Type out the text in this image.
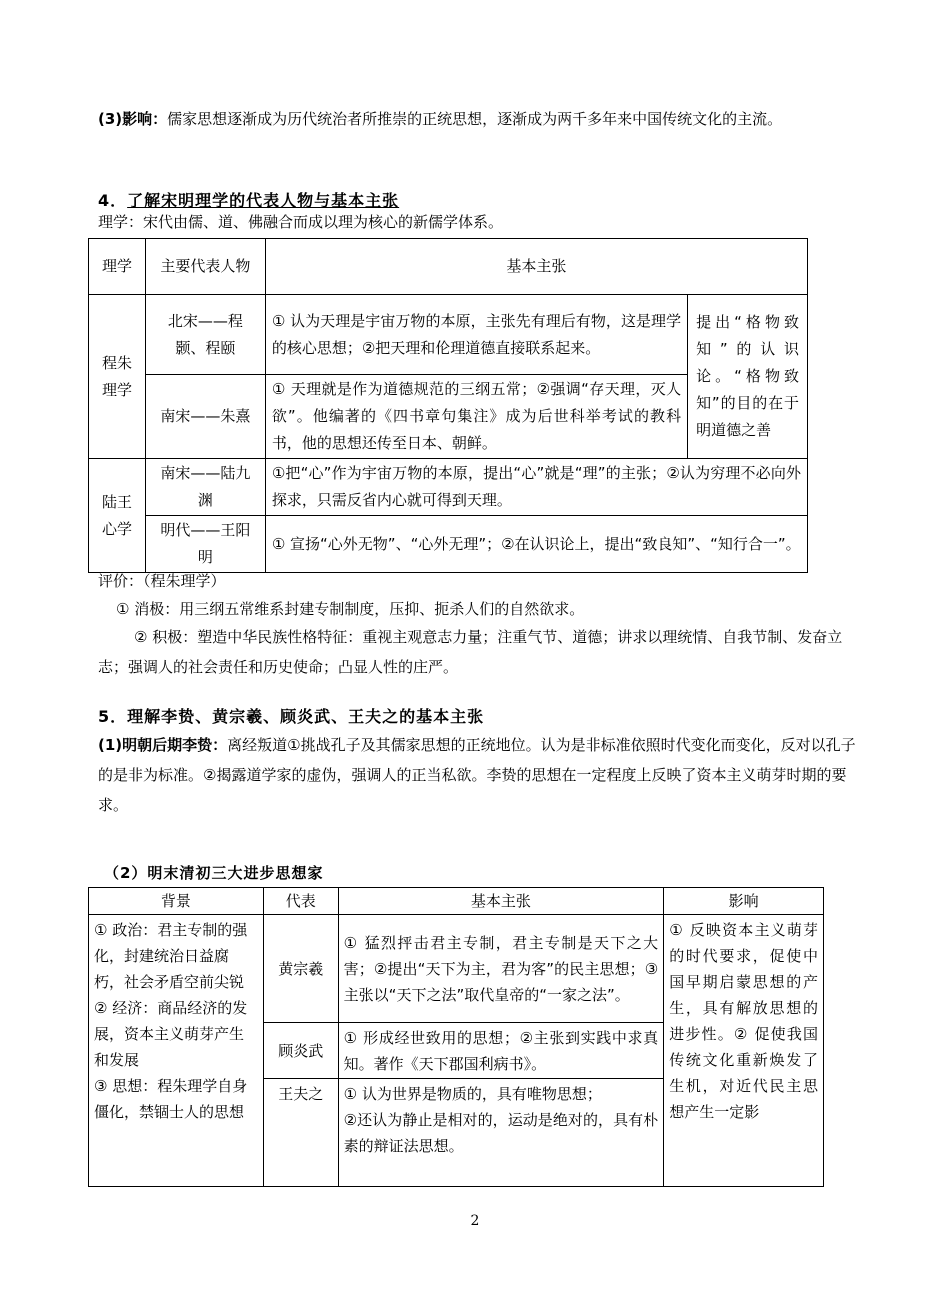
(3)影响：儒家思想逐渐成为历代统治者所推崇的正统思想，逐渐成为两千多年来中国传统文化的主流。
4．了解宋明理学的代表人物与基本主张
理学：宋代由儒、道、佛融合而成以理为核心的新儒学体系。
理学	主要代表人物	基本主张	
程朱理学	北宋——程颢、程颐	① 认为天理是宇宙万物的本原，主张先有理后有物，这是理学的核心思想；②把天理和伦理道德直接联系起来。	提出“格物致知”的认识论。“格物致知”的目的在于明道德之善
	南宋——朱熹	① 天理就是作为道德规范的三纲五常；②强调“存天理，灭人欲”。他编著的《四书章句集注》成为后世科举考试的教科书，他的思想还传至日本、朝鲜。	
陆王心学	南宋——陆九渊	①把“心”作为宇宙万物的本原，提出“心”就是“理”的主张；②认为穷理不必向外探求，只需反省内心就可得到天理。	
	明代——王阳明	① 宣扬“心外无物”、“心外无理”；②在认识论上，提出“致良知”、“知行合一”。	
评价：（程朱理学）
① 消极：用三纲五常维系封建专制制度，压抑、扼杀人们的自然欲求。
② 积极：塑造中华民族性格特征：重视主观意志力量；注重气节、道德；讲求以理统情、自我节制、发奋立志；强调人的社会责任和历史使命；凸显人性的庄严。
5．理解李贽、黄宗羲、顾炎武、王夫之的基本主张
(1)明朝后期李贽：离经叛道①挑战孔子及其儒家思想的正统地位。认为是非标准依照时代变化而变化，反对以孔子的是非为标准。②揭露道学家的虚伪，强调人的正当私欲。李贽的思想在一定程度上反映了资本主义萌芽时期的要求。
（2）明末清初三大进步思想家
背景	代表	基本主张	影响

① 政治：君主专制的强化，封建统治日益腐朽，社会矛盾空前尖锐
② 经济：商品经济的发展，资本主义萌芽产生和发展
③ 思想：程朱理学自身僵化，禁锢士人的思想	黄宗羲	① 猛烈抨击君主专制，君主专制是天下之大害；②提出“天下为主，君为客”的民主思想；③主张以“天下之法”取代皇帝的“一家之法”。	① 反映资本主义萌芽的时代要求，促使中国早期启蒙思想的产生，具有解放思想的进步性。② 促使我国传统文化重新焕发了生机，对近代民主思想产生一定影
	顾炎武	① 形成经世致用的思想；②主张到实践中求真知。著作《天下郡国利病书》。	
	王夫之	① 认为世界是物质的，具有唯物思想；
②还认为静止是相对的，运动是绝对的，具有朴素的辩证法思想。	
2
